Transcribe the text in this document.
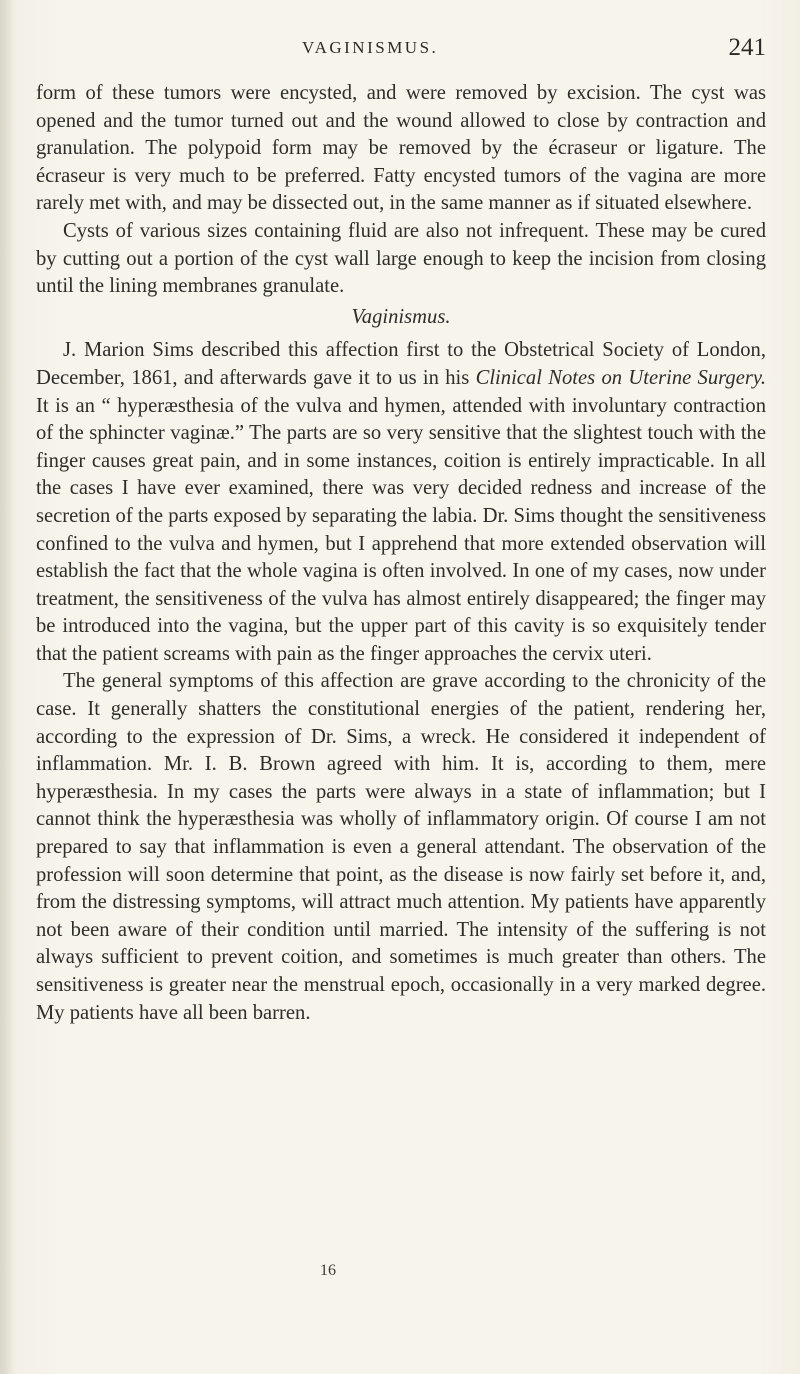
VAGINISMUS.	241

form of these tumors were encysted, and were removed by excision. The cyst was opened and the tumor turned out and the wound allowed to close by contraction and granulation. The polypoid form may be removed by the écraseur or ligature. The écraseur is very much to be preferred. Fatty encysted tumors of the vagina are more rarely met with, and may be dissected out, in the same manner as if situated elsewhere.

Cysts of various sizes containing fluid are also not infrequent. These may be cured by cutting out a portion of the cyst wall large enough to keep the incision from closing until the lining membranes granulate.

Vaginismus.

J. Marion Sims described this affection first to the Obstetrical Society of London, December, 1861, and afterwards gave it to us in his Clinical Notes on Uterine Surgery. It is an “ hyperæsthesia of the vulva and hymen, attended with involuntary contraction of the sphincter vaginæ.” The parts are so very sensitive that the slightest touch with the finger causes great pain, and in some instances, coition is entirely impracticable. In all the cases I have ever examined, there was very decided redness and increase of the secretion of the parts exposed by separating the labia. Dr. Sims thought the sensitiveness confined to the vulva and hymen, but I apprehend that more extended observation will establish the fact that the whole vagina is often involved. In one of my cases, now under treatment, the sensitiveness of the vulva has almost entirely disappeared; the finger may be introduced into the vagina, but the upper part of this cavity is so exquisitely tender that the patient screams with pain as the finger approaches the cervix uteri.

The general symptoms of this affection are grave according to the chronicity of the case. It generally shatters the constitutional energies of the patient, rendering her, according to the expression of Dr. Sims, a wreck. He considered it independent of inflammation. Mr. I. B. Brown agreed with him. It is, according to them, mere hyperæsthesia. In my cases the parts were always in a state of inflammation; but I cannot think the hyperæsthesia was wholly of inflammatory origin. Of course I am not prepared to say that inflammation is even a general attendant. The observation of the profession will soon determine that point, as the disease is now fairly set before it, and, from the distressing symptoms, will attract much attention. My patients have apparently not been aware of their condition until married. The intensity of the suffering is not always sufficient to prevent coition, and sometimes is much greater than others. The sensitiveness is greater near the menstrual epoch, occasionally in a very marked degree. My patients have all been barren.

16
